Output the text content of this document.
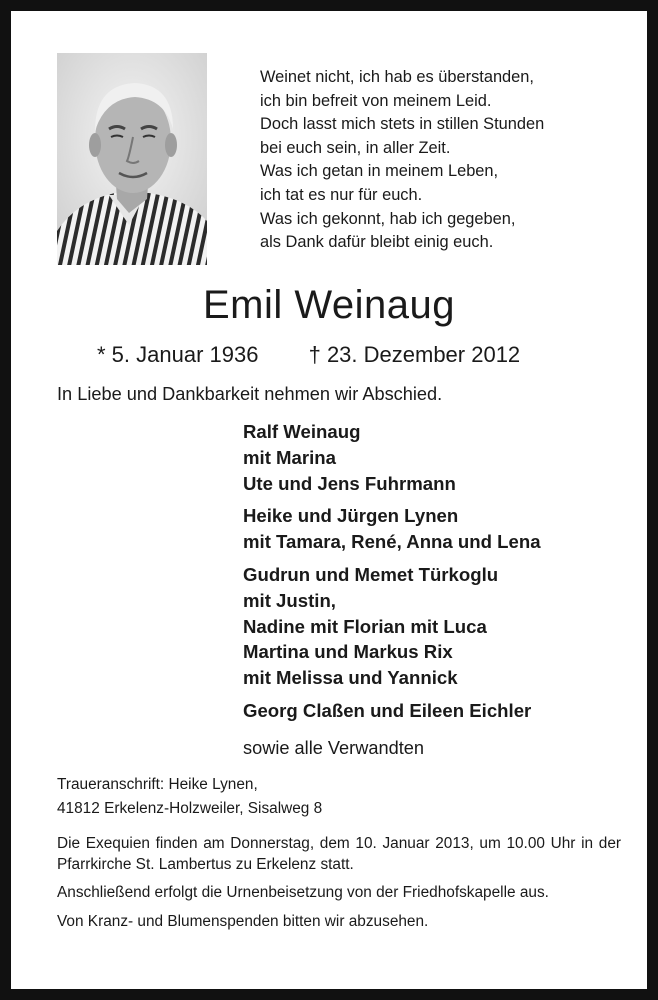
Weinet nicht, ich hab es überstanden,
ich bin befreit von meinem Leid.
Doch lasst mich stets in stillen Stunden
bei euch sein, in aller Zeit.
Was ich getan in meinem Leben,
ich tat es nur für euch.
Was ich gekonnt, hab ich gegeben,
als Dank dafür bleibt einig euch.
Emil Weinaug
* 5. Januar 1936 † 23. Dezember 2012
In Liebe und Dankbarkeit nehmen wir Abschied.
Ralf Weinaug
mit Marina
Ute und Jens Fuhrmann
Heike und Jürgen Lynen
mit Tamara, René, Anna und Lena
Gudrun und Memet Türkoglu
mit Justin,
Nadine mit Florian mit Luca
Martina und Markus Rix
mit Melissa und Yannick
Georg Claßen und Eileen Eichler
sowie alle Verwandten
Traueranschrift: Heike Lynen,
41812 Erkelenz-Holzweiler, Sisalweg 8

Die Exequien finden am Donnerstag, dem 10. Januar 2013, um 10.00 Uhr in der Pfarrkirche St. Lambertus zu Erkelenz statt.

Anschließend erfolgt die Urnenbeisetzung von der Friedhofskapelle aus.

Von Kranz- und Blumenspenden bitten wir abzusehen.
